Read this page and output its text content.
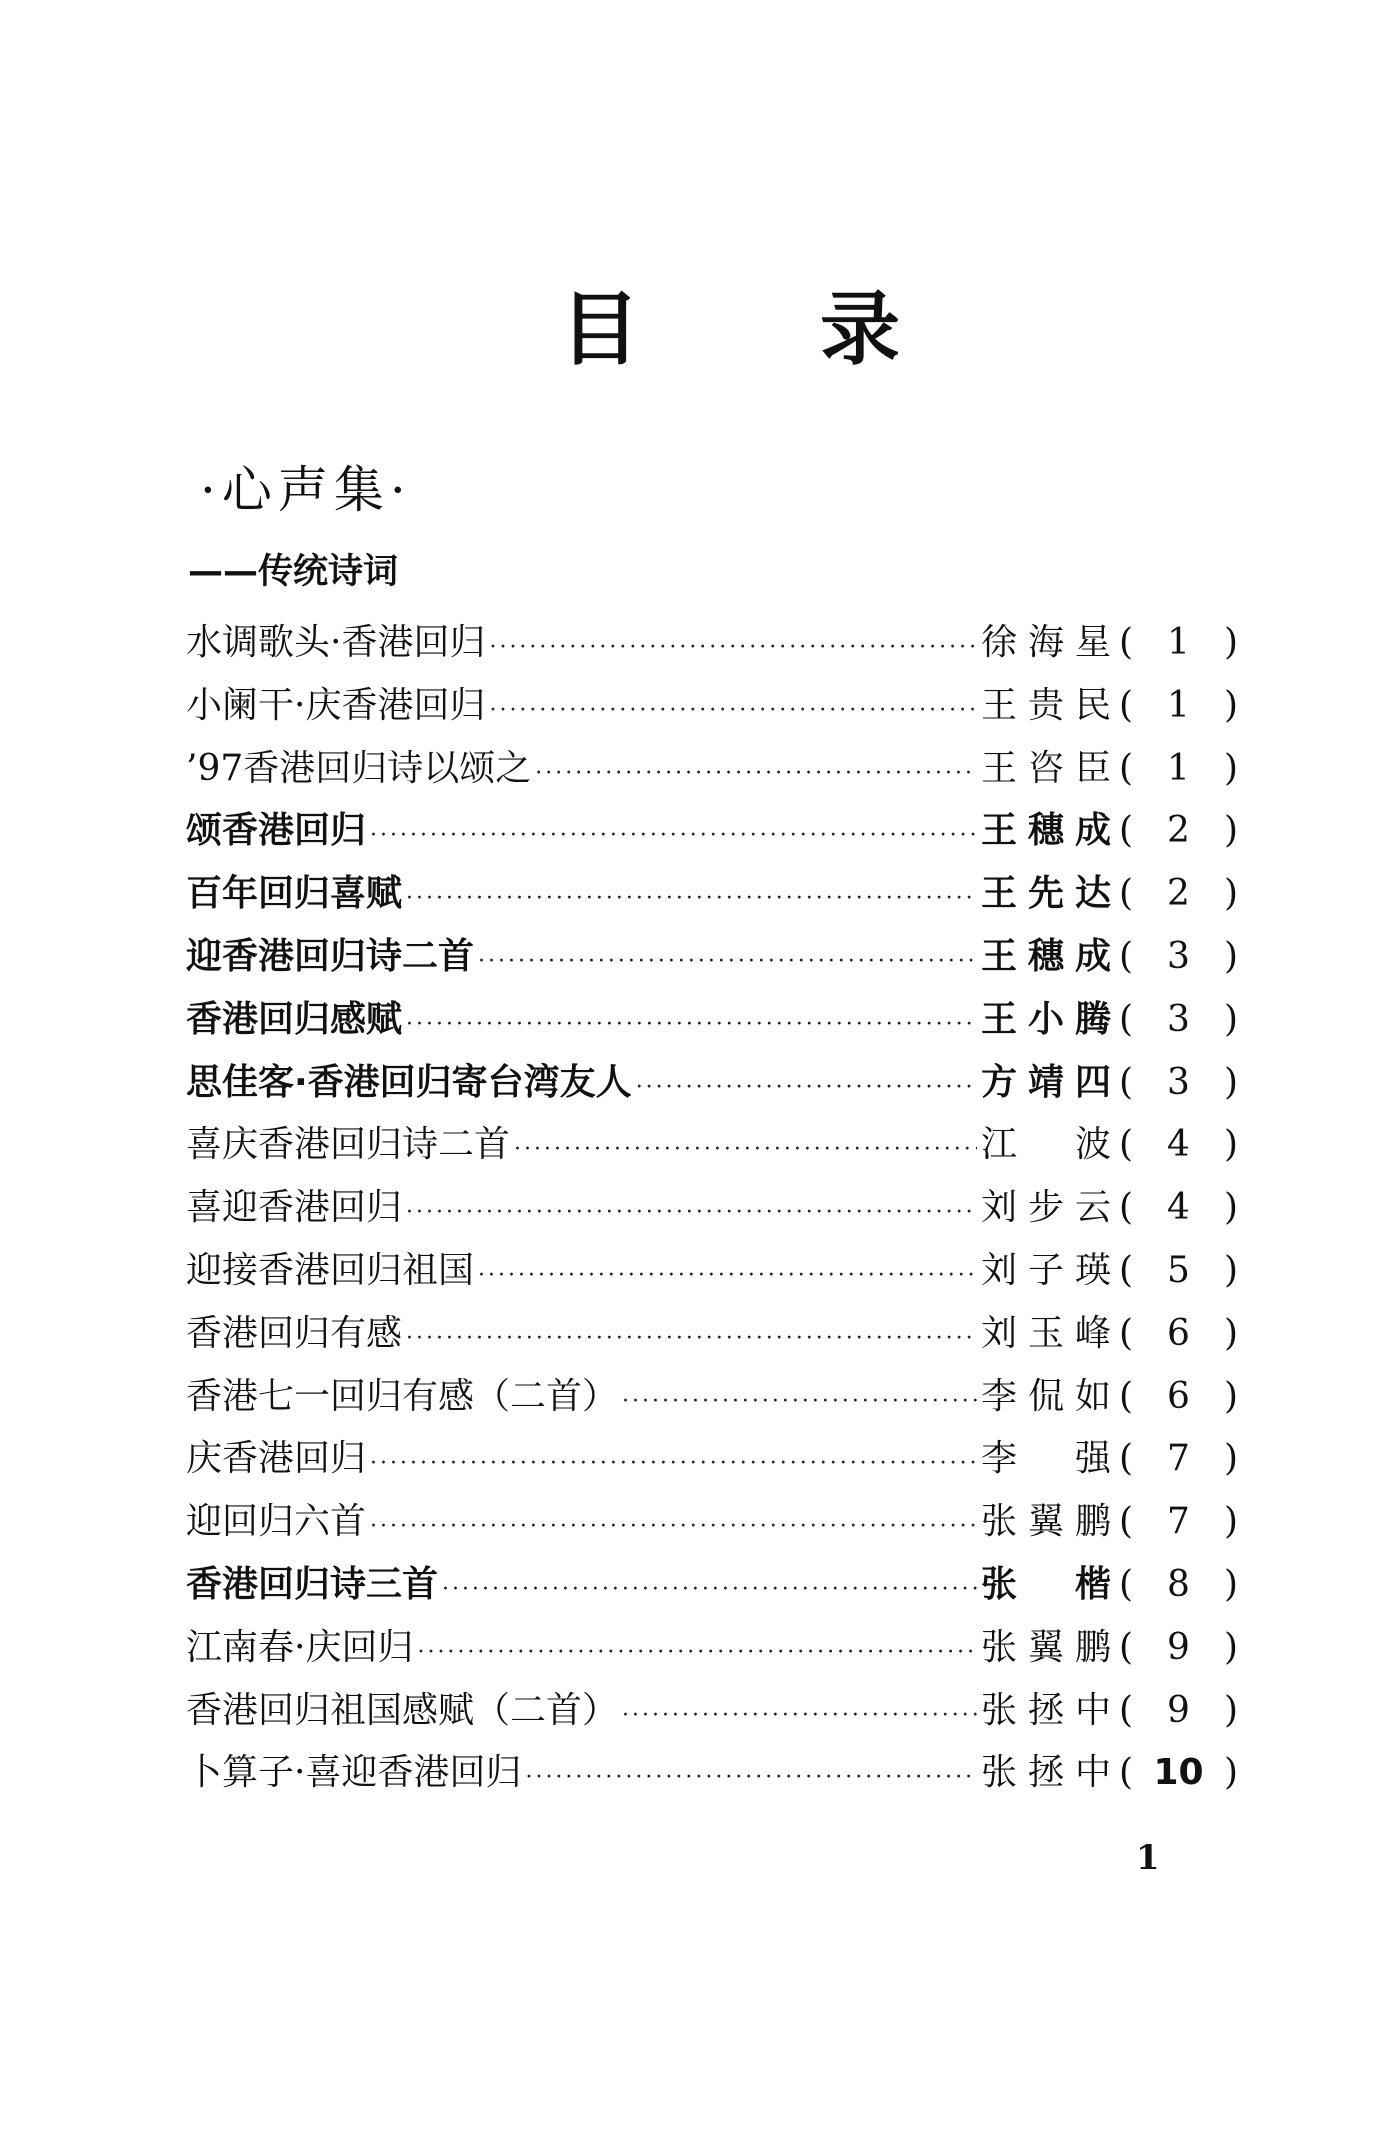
目 录
·心声集·
——传统诗词
水调歌头·香港回归 ·····	徐海星 ( 1 )
小阑干·庆香港回归 ·····	王贵民 ( 1 )
’97香港回归诗以颂之 ·····	王咨臣 ( 1 )
颂香港回归 ·····	王穗成 ( 2 )
百年回归喜赋 ·····	王先达 ( 2 )
迎香港回归诗二首 ·····	王穗成 ( 3 )
香港回归感赋 ·····	王小腾 ( 3 )
思佳客·香港回归寄台湾友人 ·····	方靖四 ( 3 )
喜庆香港回归诗二首 ·····	江　波 ( 4 )
喜迎香港回归 ·····	刘步云 ( 4 )
迎接香港回归祖国 ·····	刘子瑛 ( 5 )
香港回归有感 ·····	刘玉峰 ( 6 )
香港七一回归有感（二首） ·····	李侃如 ( 6 )
庆香港回归 ·····	李　强 ( 7 )
迎回归六首 ·····	张翼鹏 ( 7 )
香港回归诗三首 ·····	张　楷 ( 8 )
江南春·庆回归 ·····	张翼鹏 ( 9 )
香港回归祖国感赋（二首） ·····	张拯中 ( 9 )
卜算子·喜迎香港回归 ·····	张拯中 ( 10 )
1
